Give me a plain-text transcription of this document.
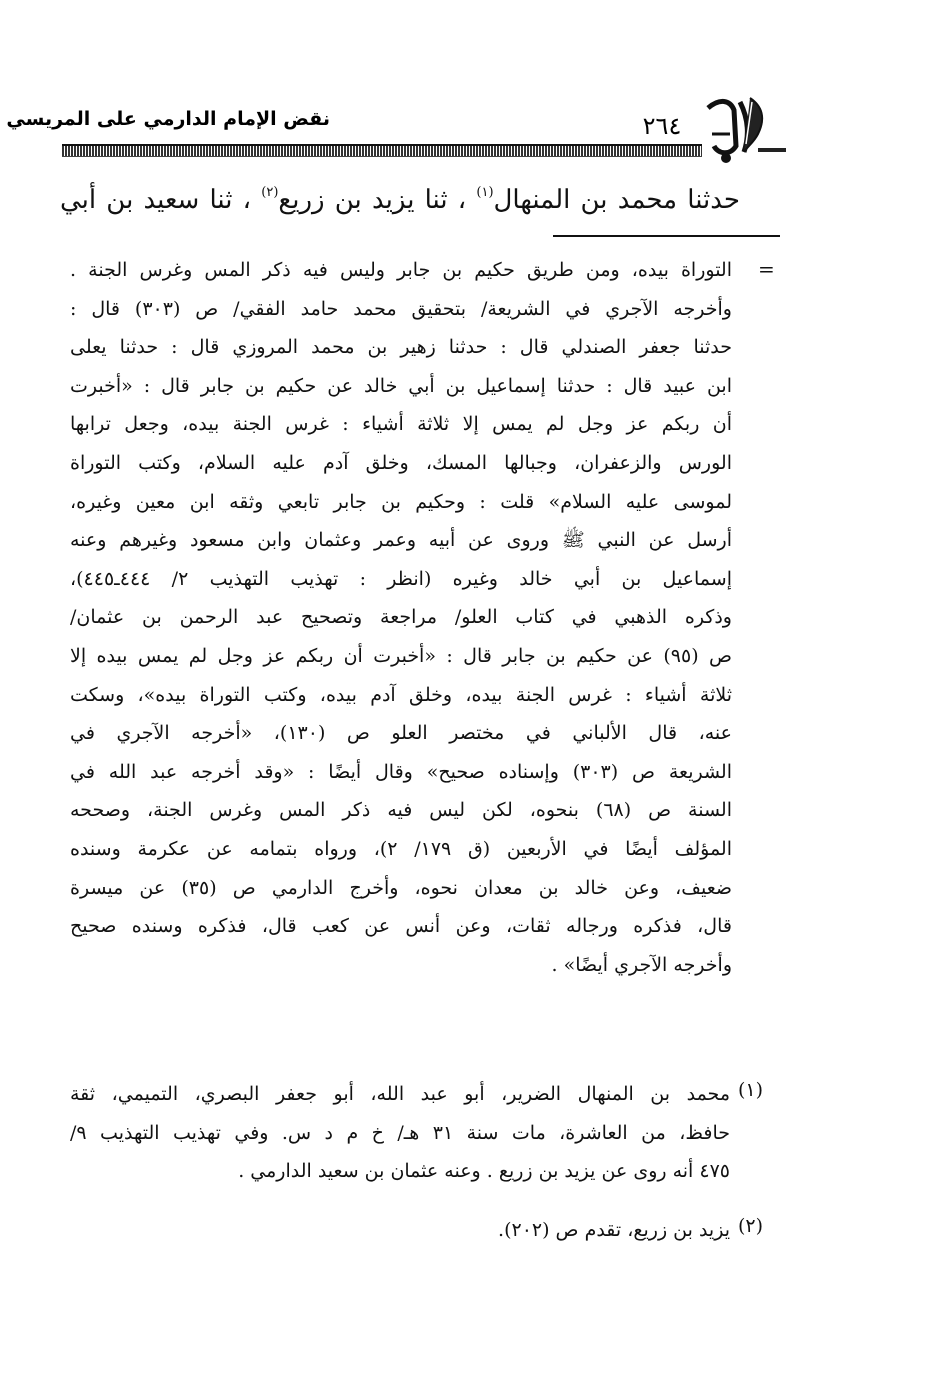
نقض الإمام الدارمي على المريسي	٢٦٤
حدثنا محمد بن المنهال$^{(١)}$ ، ثنا يزيد بن زريع$^{(٢)}$ ، ثنا سعيد بن أبي
=
التوراة بيده، ومن طريق حكيم بن جابر وليس فيه ذكر المس وغرس الجنة .
وأخرجه الآجري في الشريعة/ بتحقيق محمد حامد الفقي/ ص (٣٠٣) قال :
حدثنا جعفر الصندلي قال : حدثنا زهير بن محمد المروزي قال : حدثنا يعلى
ابن عبيد قال : حدثنا إسماعيل بن أبي خالد عن حكيم بن جابر قال : «أخبرت
أن ربكم عز وجل لم يمس إلا ثلاثة أشياء : غرس الجنة بيده، وجعل ترابها
الورس والزعفران، وجبالها المسك، وخلق آدم عليه السلام، وكتب التوراة
لموسى عليه السلام» قلت : وحكيم بن جابر تابعي وثقه ابن معين وغيره،
أرسل عن النبي ﷺ وروى عن أبيه وعمر وعثمان وابن مسعود وغيرهم وعنه
إسماعيل بن أبي خالد وغيره (انظر : تهذيب التهذيب ٢/ ٤٤٤ـ٤٤٥)،
وذكره الذهبي في كتاب العلو/ مراجعة وتصحيح عبد الرحمن بن عثمان/
ص (٩٥) عن حكيم بن جابر قال : «أخبرت أن ربكم عز وجل لم يمس بيده إلا
ثلاثة أشياء : غرس الجنة بيده، وخلق آدم بيده، وكتب التوراة بيده»، وسكت
عنه، قال الألباني في مختصر العلو ص (١٣٠)، «أخرجه الآجري في
الشريعة ص (٣٠٣) وإسناده صحيح» وقال أيضًا : «وقد أخرجه عبد الله في
السنة ص (٦٨) بنحوه، لكن ليس فيه ذكر المس وغرس الجنة، وصححه
المؤلف أيضًا في الأربعين (ق ١٧٩/ ٢)، ورواه بتمامه عن عكرمة وسنده
ضعيف، وعن خالد بن معدان نحوه، وأخرج الدارمي ص (٣٥) عن ميسرة
قال، فذكره ورجاله ثقات، وعن أنس عن كعب قال، فذكره وسنده صحيح
وأخرجه الآجري أيضًا» .
(١)
محمد بن المنهال الضرير، أبو عبد الله، أبو جعفر البصري، التميمي، ثقة
حافظ، من العاشرة، مات سنة ٣١ هـ/ خ م د س. وفي تهذيب التهذيب ٩/
٤٧٥ أنه روى عن يزيد بن زريع . وعنه عثمان بن سعيد الدارمي .
(٢)
يزيد بن زريع، تقدم ص (٢٠٢).
